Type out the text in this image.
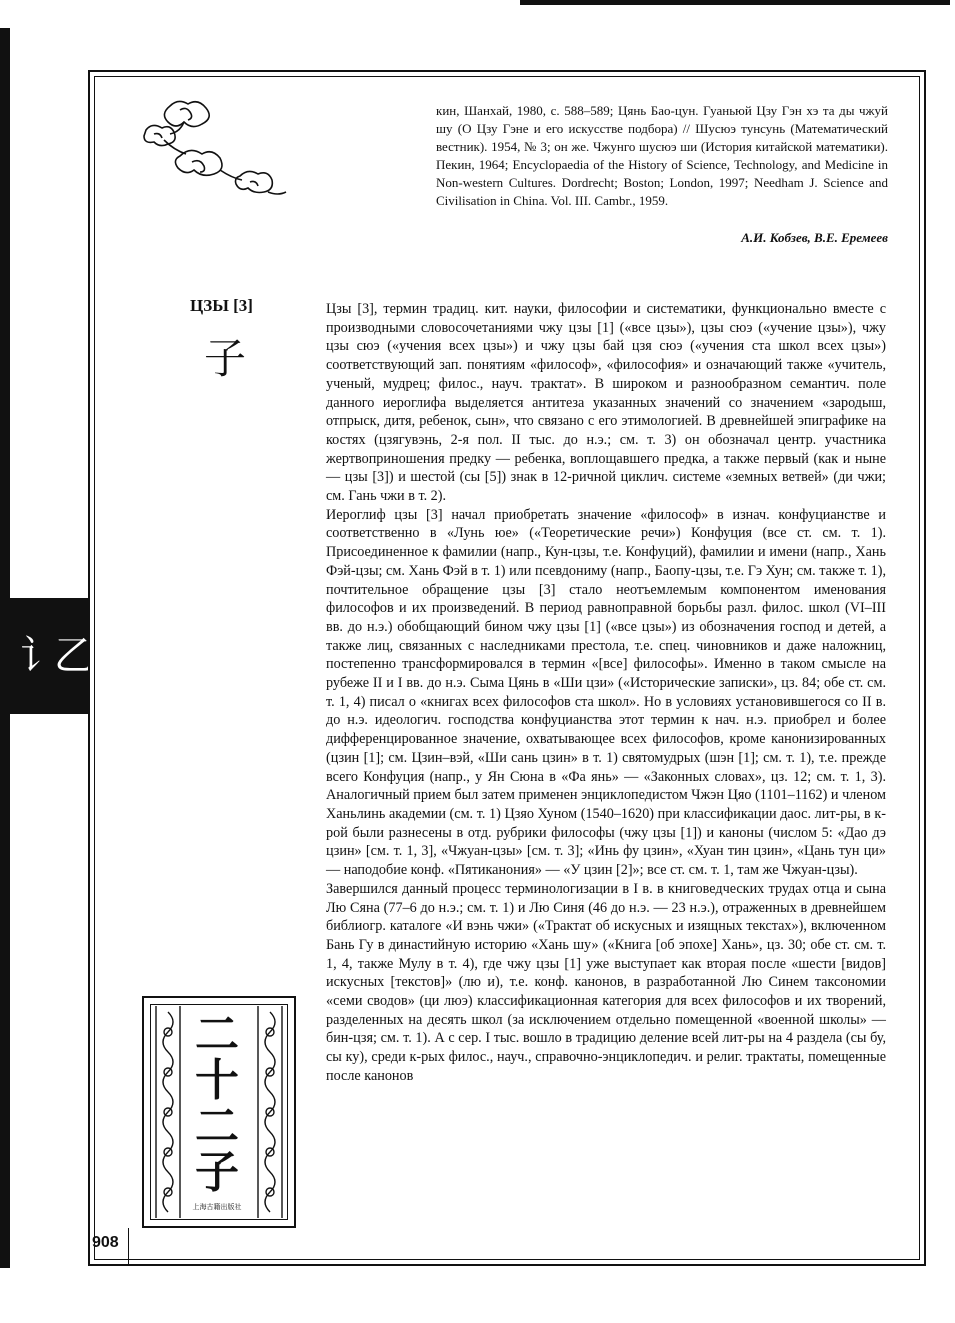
讠乙
908
кин, Шанхай, 1980, с. 588–589; Цянь Бао-цун. Гуаньюй Цзу Гэн хэ та ды чжуй шу (О Цзу Гэне и его искусстве подбора) // Шусюэ тунсунь (Математический вестник). 1954, № 3; он же. Чжунго шусюэ ши (История китайской математики). Пекин, 1964; Encyclopaedia of the History of Science, Technology, and Medicine in Non-western Cultures. Dordrecht; Boston; London, 1997; Needham J. Science and Civilisation in China. Vol. III. Cambr., 1959.
А.И. Кобзев, В.Е. Еремеев
ЦЗЫ [3]
子

Цзы [3], термин традиц. кит. науки, философии и систематики, функционально вместе с производными словосочетаниями чжу цзы [1] («все цзы»), цзы сюэ («учение цзы»), чжу цзы сюэ («учения всех цзы») и чжу цзы бай цзя сюэ («учения ста школ всех цзы») соответствующий зап. понятиям «философ», «философия» и означающий также «учитель, ученый, мудрец; филос., науч. трактат». В широком и разнообразном семантич. поле данного иероглифа выделяется антитеза указанных значений со значением «зародыш, отпрыск, дитя, ребенок, сын», что связано с его этимологией. В древнейшей эпиграфике на костях (цзягувэнь, 2-я пол. II тыс. до н.э.; см. т. 3) он обозначал центр. участника жертвоприношения предку — ребенка, воплощавшего предка, а также первый (как и ныне — цзы [3]) и шестой (сы [5]) знак в 12-ричной циклич. системе «земных ветвей» (ди чжи; см. Гань чжи в т. 2).

Иероглиф цзы [3] начал приобретать значение «философ» в изнач. конфуцианстве и соответственно в «Лунь юе» («Теоретические речи») Конфуция (все ст. см. т. 1). Присоединенное к фамилии (напр., Кун-цзы, т.е. Конфуций), фамилии и имени (напр., Хань Фэй-цзы; см. Хань Фэй в т. 1) или псевдониму (напр., Баопу-цзы, т.е. Гэ Хун; см. также т. 1), почтительное обращение цзы [3] стало неотъемлемым компонентом именования философов и их произведений. В период равноправной борьбы разл. филос. школ (VI–III вв. до н.э.) обобщающий бином чжу цзы [1] («все цзы») из обозначения господ и детей, а также лиц, связанных с наследниками престола, т.е. спец. чиновников и даже наложниц, постепенно трансформировался в термин «[все] философы». Именно в таком смысле на рубеже II и I вв. до н.э. Сыма Цянь в «Ши цзи» («Исторические записки», цз. 84; обе ст. см. т. 1, 4) писал о «книгах всех философов ста школ». Но в условиях установившегося со II в. до н.э. идеологич. господства конфуцианства этот термин к нач. н.э. приобрел и более дифференцированное значение, охватывающее всех философов, кроме канонизированных (цзин [1]; см. Цзин–вэй, «Ши сань цзин» в т. 1) святомудрых (шэн [1]; см. т. 1), т.е. прежде всего Конфуция (напр., у Ян Сюна в «Фа янь» — «Законных словах», цз. 12; см. т. 1, 3). Аналогичный прием был затем применен энциклопедистом Чжэн Цяо (1101–1162) и членом Ханьлинь академии (см. т. 1) Цзяо Хуном (1540–1620) при классификации даос. лит-ры, в к-рой были разнесены в отд. рубрики философы (чжу цзы [1]) и каноны (числом 5: «Дао дэ цзин» [см. т. 1, 3], «Чжуан-цзы» [см. т. 3]; «Инь фу цзин», «Хуан тин цзин», «Цань тун ци» — наподобие конф. «Пятиканония» — «У цзин [2]»; все ст. см. т. 1, там же Чжуан-цзы).

Завершился данный процесс терминологизации в I в. в книговедческих трудах отца и сына Лю Сяна (77–6 до н.э.; см. т. 1) и Лю Синя (46 до н.э. — 23 н.э.), отраженных в древнейшем библиогр. каталоге «И вэнь чжи» («Трактат об искусных и изящных текстах»), включенном Бань Гу в династийную историю «Хань шу» («Книга [об эпохе] Хань», цз. 30; обе ст. см. т. 1, 4, также Мулу в т. 4), где чжу цзы [1] уже выступает как вторая после «шести [видов] искусных [текстов]» (лю и), т.е. конф. канонов, в разработанной Лю Синем таксономии «семи сводов» (ци люэ) классификационная категория для всех философов и их творений, разделенных на десять школ (за исключением отдельно помещенной «военной школы» — бин-цзя; см. т. 1). А с сер. I тыс. вошло в традицию деление всей лит-ры на 4 раздела (сы бу, сы ку), среди к-рых филос., науч., справочно-энциклопедич. и религ. трактаты, помещенные после канонов

二十二子
上海古籍出版社
